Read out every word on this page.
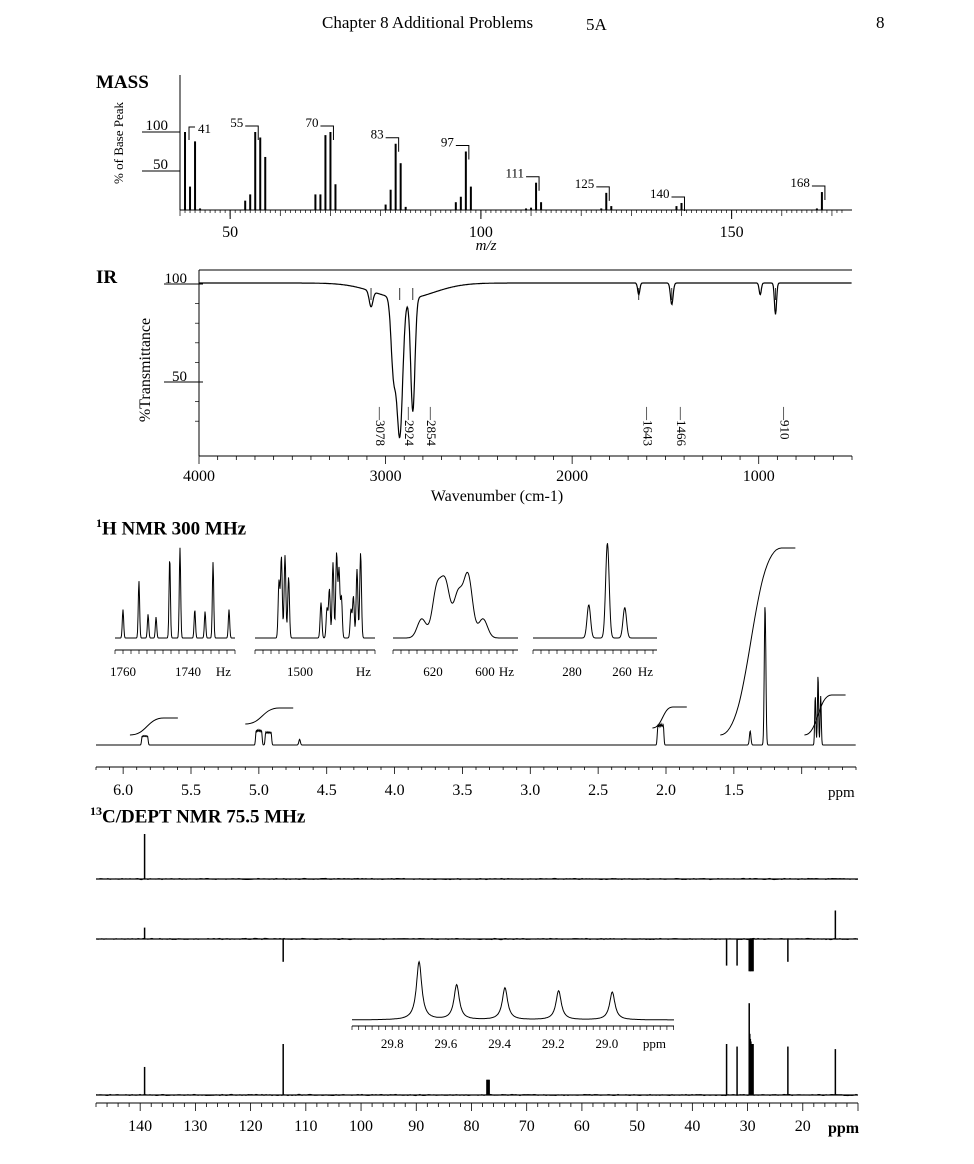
Chapter 8 Additional Problems	5A	8
MASS
IR
$^1$H NMR 300 MHz
$^{13}$C/DEPT NMR 75.5 MHz
50	100	150
50
100
% of Base Peak
m/z
41 55	70
83
97
111
125
140
168
4000	3000	2000	1000
50
100
%Transmittance
Wavenumber (cm-1)
—3078 —2924 —2854	—1643 —1466	—910
6.0	5.5	5.0	4.5	4.0	3.5	3.0	2.5	2.0	1.5	ppm
1760	1740 Hz	1500	Hz	620	600 Hz	280 260 Hz
140 130 120 110 100 90 80 70 60 50 40 30 20 ppm
29.8 29.6 29.4 29.2 29.0 ppm
